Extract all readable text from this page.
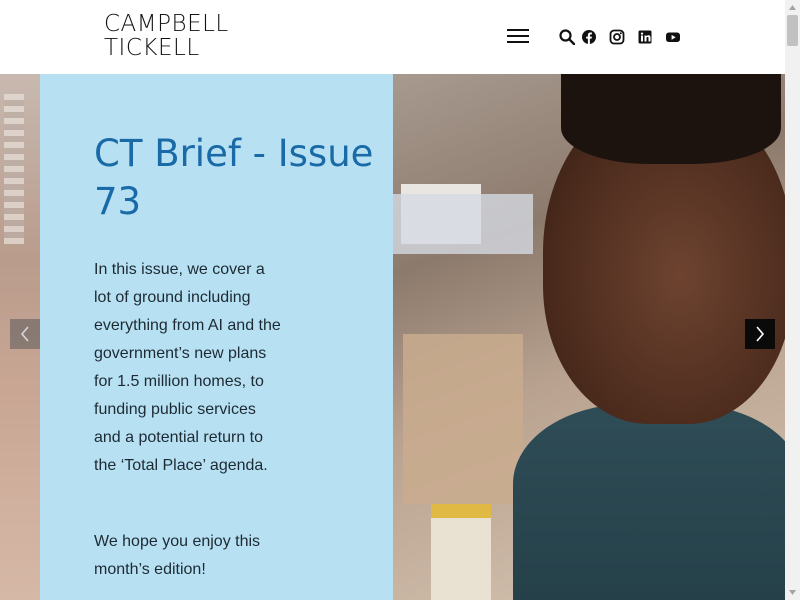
CAMPBELL
TICKELL
CT Brief - Issue 73

In this issue, we cover a lot of ground including everything from AI and the government’s new plans for 1.5 million homes, to funding public services and a potential return to the ‘Total Place’ agenda.

We hope you enjoy this month’s edition!
